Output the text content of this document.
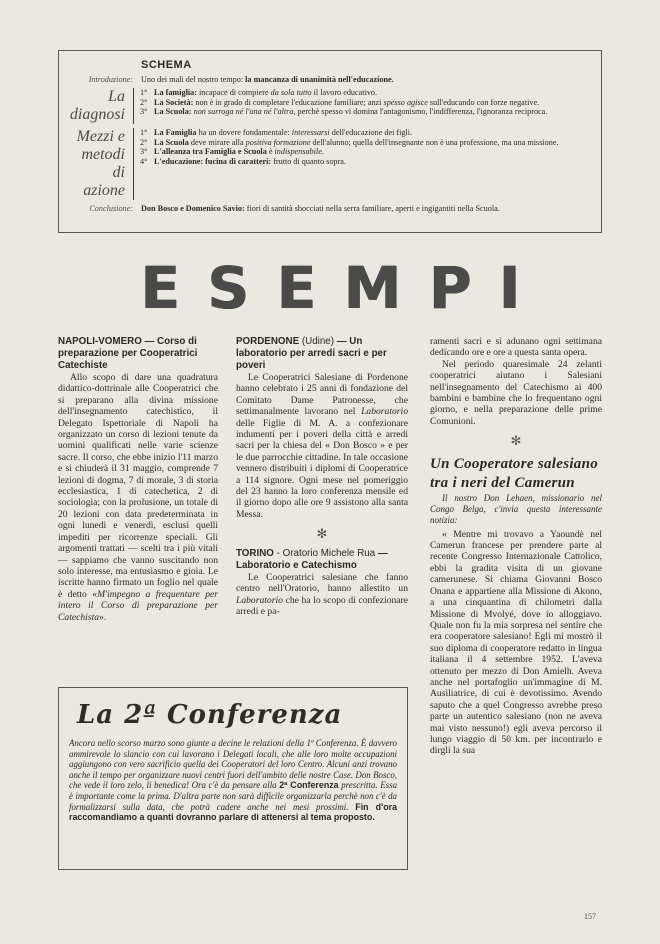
SCHEMA
Introduzione: Uno dei mali del nostro tempo: la mancanza di unanimità nell'educazione.
La diagnosi
1° La famiglia: incapace di compiere da sola tutto il lavoro educativo.
2° La Società: non è in grado di completare l'educazione familiare; anzi spesso agisce sull'educando con forze negative.
3° La Scuola: non surroga né l'una né l'altra, perchè spesso vi domina l'antagonismo, l'indifferenza, l'ignoranza reciproca.
Mezzi e metodi di azione
1° La Famiglia ha un dovere fondamentale: interessarsi dell'educazione dei figli.
2° La Scuola deve mirare alla positiva formazione dell'alunno; quella dell'insegnante non è una professione, ma una missione.
3° L'alleanza tra Famiglia e Scuola è indispensabile.
4° L'educazione: fucina di caratteri: frutto di quanto sopra.
Conclusione: Don Bosco e Domenico Savio: fiori di santità sbocciati nella serra familiare, aperti e ingigantiti nella Scuola.
E S E M P I

NAPOLI-VOMERO — Corso di preparazione per Cooperatrici Catechiste

Allo scopo di dare una quadratura didattico-dottrinale alle Cooperatrici che si preparano alla divina missione dell'insegnamento catechistico, il Delegato Ispettoriale di Napoli ha organizzato un corso di lezioni tenute da uomini qualificati nelle varie scienze sacre. Il corso, che ebbe inizio l'11 marzo e si chiuderà il 31 maggio, comprende 7 lezioni di dogma, 7 di morale, 3 di storia ecclesiastica, 1 di catechetica, 2 di sociologia; con la prolusione, un totale di 20 lezioni con data predeterminata in ogni lunedì e venerdì, esclusi quelli impediti per ricorrenze speciali. Gli argomenti trattati — scelti tra i più vitali — sappiamo che vanno suscitando non solo interesse, ma entusiasmo e gioia. Le iscritte hanno firmato un foglio nel quale è detto «M'impegno a frequentare per intero il Corso di preparazione per Catechista».

PORDENONE (Udine) — Un laboratorio per arredi sacri e per poveri

Le Cooperatrici Salesiane di Pordenone hanno celebrato i 25 anni di fondazione del Comitato Dame Patronesse, che settimanalmente lavorano nel Laboratorio delle Figlie di M. A. a confezionare indumenti per i poveri della città e arredi sacri per la chiesa del « Don Bosco » e per le due parrocchie cittadine. In tale occasione vennero distribuiti i diplomi di Cooperatrice a 114 signore. Ogni mese nel pomeriggio del 23 hanno la loro conferenza mensile ed il giorno dopo alle ore 9 assistono alla santa Messa.

✻

TORINO - Oratorio Michele Rua — Laboratorio e Catechismo

Le Cooperatrici salesiane che fanno centro nell'Oratorio, hanno allestito un Laboratorio che ha lo scopo di confezionare arredi e pa-

ramenti sacri e si adunano ogni settimana dedicando ore e ore a questa santa opera.

Nel periodo quaresimale 24 zelanti cooperatrici aiutano i Salesiani nell'insegnamento del Catechismo ai 400 bambini e bambine che lo frequentano ogni giorno, e nella preparazione delle prime Comunioni.

✻

Un Cooperatore salesiano tra i neri del Camerun

Il nostro Don Lehaen, missionario nel Congo Belga, c'invia questa interessante notizia:

« Mentre mi trovavo a Yaoundè nel Camerun francese per prendere parte al recente Congresso Internazionale Cattolico, ebbi la gradita visita di un giovane camerunese. Si chiama Giovanni Bosco Onana e appartiene alla Missione di Akono, a una cinquantina di chilometri dalla Missione di Mvolyé, dove io alloggiavo. Quale non fu la mia sorpresa nel sentire che era cooperatore salesiano! Egli mi mostrò il suo diploma di cooperatore redatto in lingua italiana il 4 settembre 1952. L'aveva ottenuto per mezzo di Don Amielh. Aveva anche nel portafoglio un'immagine di M. Ausiliatrice, di cui è devotissimo. Avendo saputo che a quel Congresso avrebbe preso parte un autentico salesiano (non ne aveva mai visto nessuno!) egli aveva percorso il lungo viaggio di 50 km. per incontrarlo e dirgli la sua

La 2ª Conferenza

Ancora nello scorso marzo sono giunte a decine le relazioni della 1ª Conferenza. È davvero ammirevole lo slancio con cui lavorano i Delegati locali, che alle loro molte occupazioni aggiungono con vero sacrificio quella dei Cooperatori del loro Centro. Alcuni anzi trovano anche il tempo per organizzare nuovi centri fuori dell'ambito delle nostre Case. Don Bosco, che vede il loro zelo, li benedica! Ora c'è da pensare alla 2ª Conferenza prescritta. Essa è importante come la prima. D'altra parte non sarà difficile organizzarla perchè non c'è da formalizzarsi sulla data, che potrà cadere anche nei mesi prossimi. Fin d'ora raccomandiamo a quanti dovranno parlare di attenersi al tema proposto.

157
